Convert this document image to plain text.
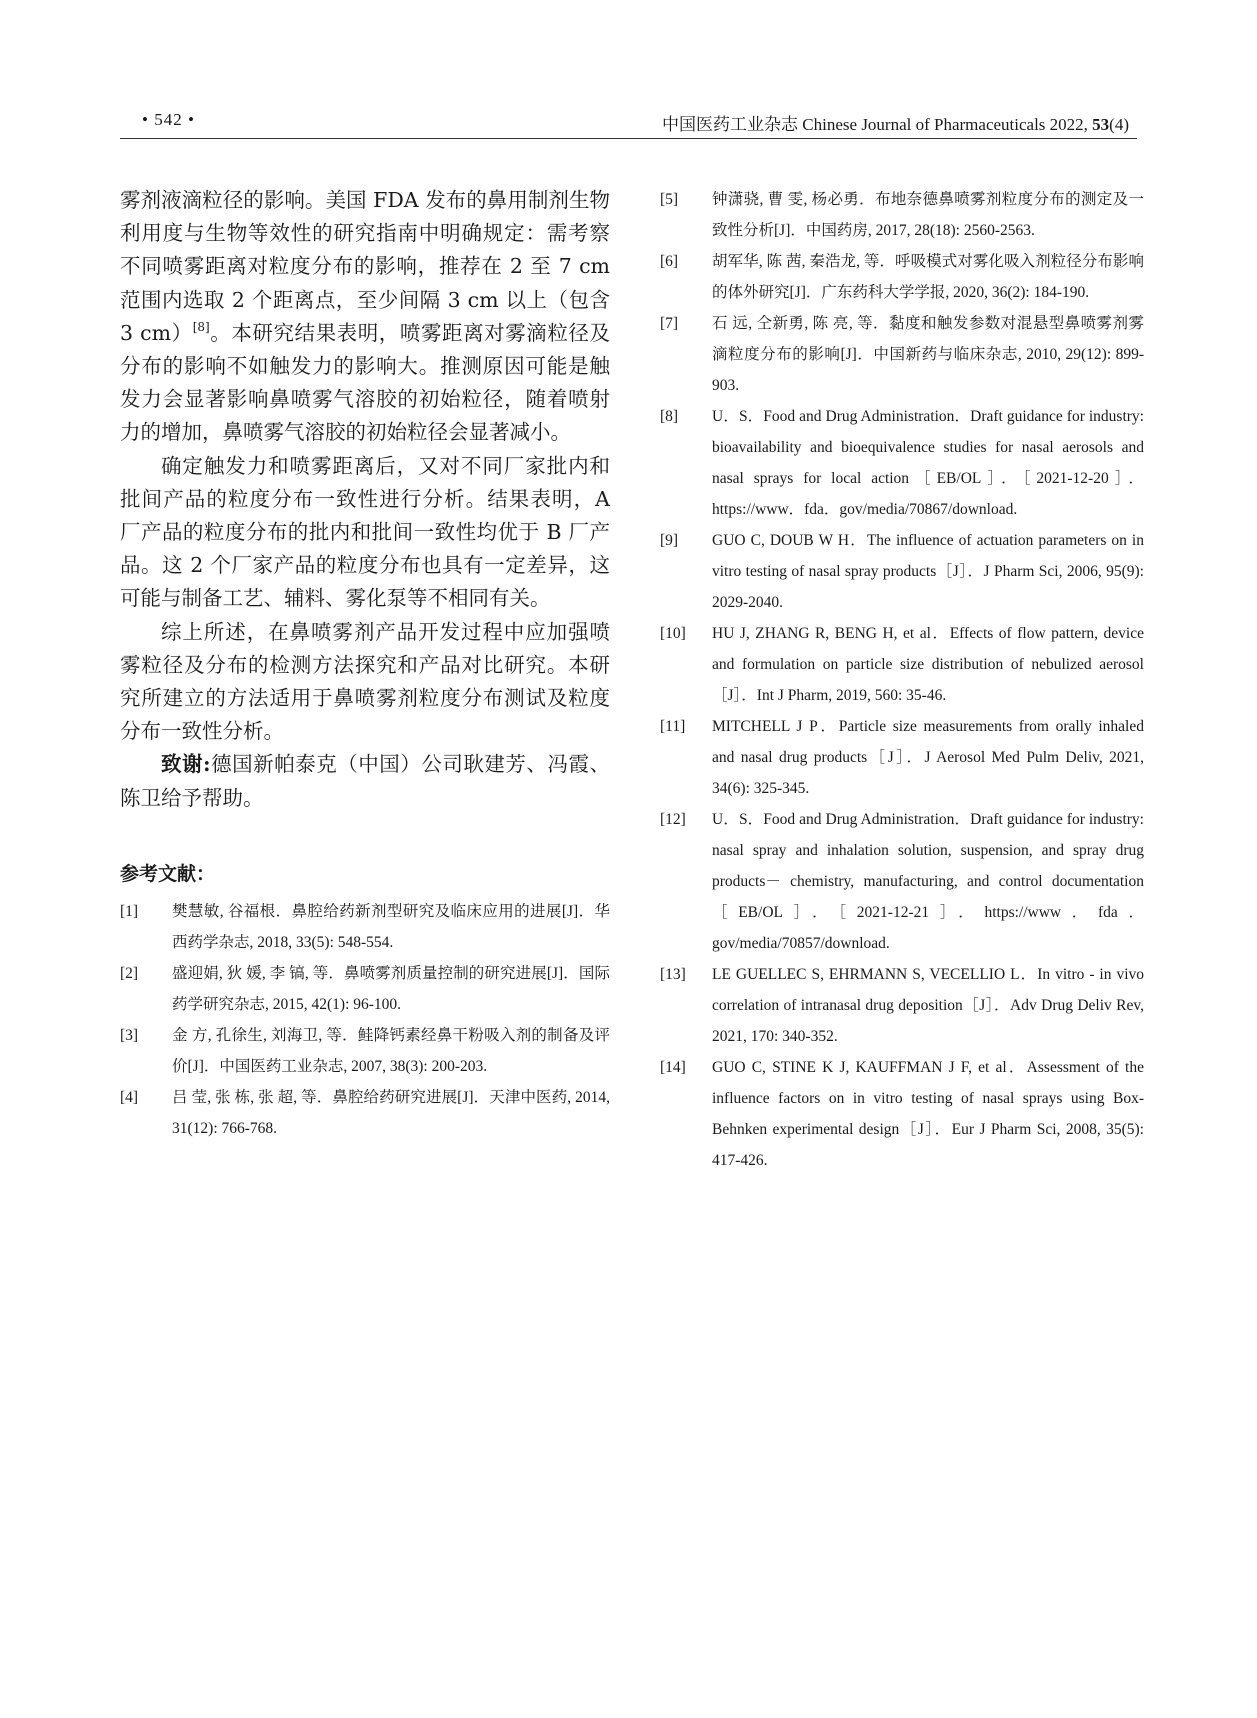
• 542 •	中国医药工业杂志 Chinese Journal of Pharmaceuticals 2022, 53(4)

雾剂液滴粒径的影响。美国 FDA 发布的鼻用制剂生物利用度与生物等效性的研究指南中明确规定：需考察不同喷雾距离对粒度分布的影响，推荐在 2 至 7 cm 范围内选取 2 个距离点，至少间隔 3 cm 以上（包含 3 cm）[8]。本研究结果表明，喷雾距离对雾滴粒径及分布的影响不如触发力的影响大。推测原因可能是触发力会显著影响鼻喷雾气溶胶的初始粒径，随着喷射力的增加，鼻喷雾气溶胶的初始粒径会显著减小。

确定触发力和喷雾距离后，又对不同厂家批内和批间产品的粒度分布一致性进行分析。结果表明，A 厂产品的粒度分布的批内和批间一致性均优于 B 厂产品。这 2 个厂家产品的粒度分布也具有一定差异，这可能与制备工艺、辅料、雾化泵等不相同有关。

综上所述，在鼻喷雾剂产品开发过程中应加强喷雾粒径及分布的检测方法探究和产品对比研究。本研究所建立的方法适用于鼻喷雾剂粒度分布测试及粒度分布一致性分析。

致谢:德国新帕泰克（中国）公司耿建芳、冯霞、陈卫给予帮助。

参考文献：
[1]	樊慧敏, 谷福根．鼻腔给药新剂型研究及临床应用的进展[J]．华西药学杂志, 2018, 33(5): 548-554.
[2]	盛迎娟, 狄 媛, 李 镐, 等．鼻喷雾剂质量控制的研究进展[J]．国际药学研究杂志, 2015, 42(1): 96-100.
[3]	金 方, 孔徐生, 刘海卫, 等．鲑降钙素经鼻干粉吸入剂的制备及评价[J]．中国医药工业杂志, 2007, 38(3): 200-203.
[4]	吕 莹, 张 栋, 张 超, 等．鼻腔给药研究进展[J]．天津中医药, 2014, 31(12): 766-768.
[5]	钟潇骁, 曹 雯, 杨必勇．布地奈德鼻喷雾剂粒度分布的测定及一致性分析[J]．中国药房, 2017, 28(18): 2560-2563.
[6]	胡军华, 陈 茜, 秦浩龙, 等．呼吸模式对雾化吸入剂粒径分布影响的体外研究[J]．广东药科大学学报, 2020, 36(2): 184-190.
[7]	石 远, 仝新勇, 陈 亮, 等．黏度和触发参数对混悬型鼻喷雾剂雾滴粒度分布的影响[J]．中国新药与临床杂志, 2010, 29(12): 899-903.
[8]	U．S．Food and Drug Administration．Draft guidance for industry: bioavailability and bioequivalence studies for nasal aerosols and nasal sprays for local action［EB/OL］．［2021-12-20］．https://www．fda．gov/media/70867/download.
[9]	GUO C, DOUB W H．The influence of actuation parameters on in vitro testing of nasal spray products［J］．J Pharm Sci, 2006, 95(9): 2029-2040.
[10]	HU J, ZHANG R, BENG H, et al．Effects of flow pattern, device and formulation on particle size distribution of nebulized aerosol［J］．Int J Pharm, 2019, 560: 35-46.
[11]	MITCHELL J P．Particle size measurements from orally inhaled and nasal drug products［J］．J Aerosol Med Pulm Deliv, 2021, 34(6): 325-345.
[12]	U．S．Food and Drug Administration．Draft guidance for industry: nasal spray and inhalation solution, suspension, and spray drug products－ chemistry, manufacturing, and control documentation［EB/OL］．［2021-12-21］．https://www．fda．gov/media/70857/download.
[13]	LE GUELLEC S, EHRMANN S, VECELLIO L．In vitro - in vivo correlation of intranasal drug deposition［J］．Adv Drug Deliv Rev, 2021, 170: 340-352.
[14]	GUO C, STINE K J, KAUFFMAN J F, et al．Assessment of the influence factors on in vitro testing of nasal sprays using Box-Behnken experimental design［J］．Eur J Pharm Sci, 2008, 35(5): 417-426.
